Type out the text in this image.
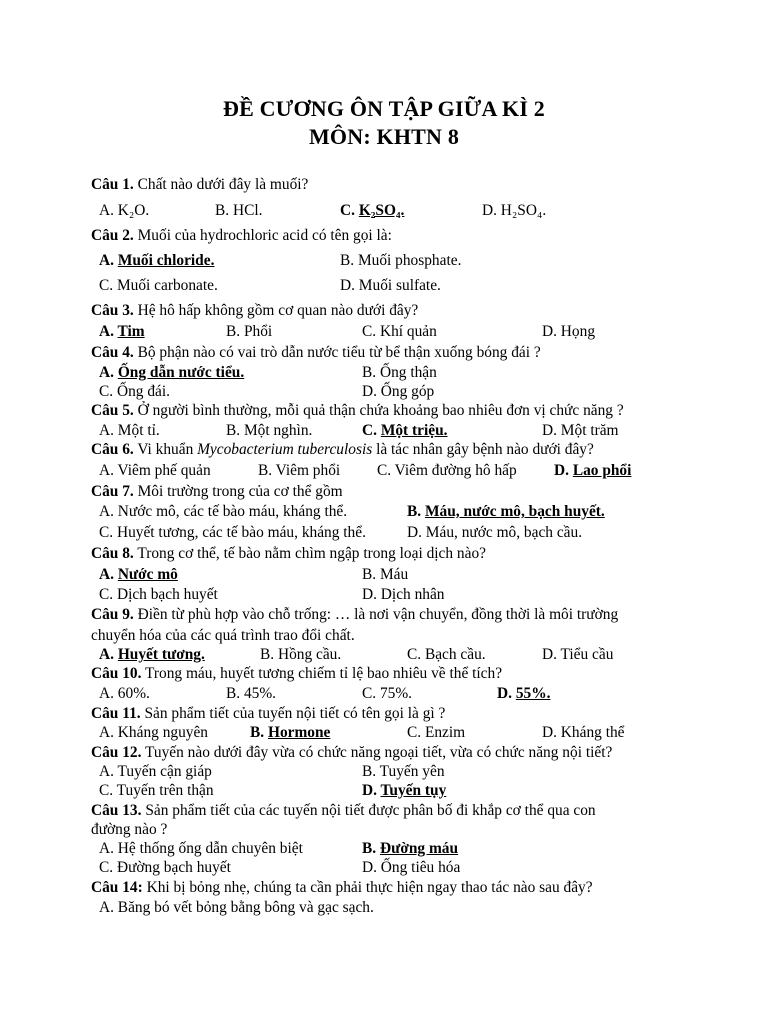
ĐỀ CƯƠNG ÔN TẬP GIỮA KÌ 2
MÔN: KHTN 8
Câu 1. Chất nào dưới đây là muối?
A. K₂O.	B. HCl.	C. K₂SO₄.	D. H₂SO₄.
Câu 2. Muối của hydrochloric acid có tên gọi là:
A. Muối chloride.	B. Muối phosphate.
C. Muối carbonate.	D. Muối sulfate.
Câu 3. Hệ hô hấp không gồm cơ quan nào dưới đây?
A. Tim	B. Phổi	C. Khí quản	D. Họng
Câu 4. Bộ phận nào có vai trò dẫn nước tiểu từ bể thận xuống bóng đái ?
A. Ống dẫn nước tiểu.	B. Ống thận
C. Ống đái.	D. Ống góp
Câu 5. Ở người bình thường, mỗi quả thận chứa khoảng bao nhiêu đơn vị chức năng ?
A. Một tỉ.	B. Một nghìn.	C. Một triệu.	D. Một trăm
Câu 6. Vi khuẩn Mycobacterium tuberculosis là tác nhân gây bệnh nào dưới đây?
A. Viêm phế quản	B. Viêm phổi C. Viêm đường hô hấp D. Lao phổi
Câu 7. Môi trường trong của cơ thể gồm
A. Nước mô, các tế bào máu, kháng thể.	B. Máu, nước mô, bạch huyết.
C. Huyết tương, các tế bào máu, kháng thể.	D. Máu, nước mô, bạch cầu.
Câu 8. Trong cơ thể, tế bào nằm chìm ngập trong loại dịch nào?
A. Nước mô	B. Máu
C. Dịch bạch huyết	D. Dịch nhân
Câu 9. Điền từ phù hợp vào chỗ trống: … là nơi vận chuyển, đồng thời là môi trường
chuyển hóa của các quá trình trao đổi chất.
A. Huyết tương.	B. Hồng cầu.	C. Bạch cầu.	D. Tiểu cầu
Câu 10. Trong máu, huyết tương chiếm tỉ lệ bao nhiêu về thể tích?
A. 60%.	B. 45%.	C. 75%.	D. 55%.
Câu 11. Sản phẩm tiết của tuyến nội tiết có tên gọi là gì ?
A. Kháng nguyên	B. Hormone	C. Enzim	D. Kháng thể
Câu 12. Tuyến nào dưới đây vừa có chức năng ngoại tiết, vừa có chức năng nội tiết?
A. Tuyến cận giáp	B. Tuyến yên
C. Tuyến trên thận	D. Tuyến tụy
Câu 13. Sản phẩm tiết của các tuyến nội tiết được phân bố đi khắp cơ thể qua con
đường nào ?
A. Hệ thống ống dẫn chuyên biệt	B. Đường máu
C. Đường bạch huyết	D. Ống tiêu hóa
Câu 14: Khi bị bỏng nhẹ, chúng ta cần phải thực hiện ngay thao tác nào sau đây?
A. Băng bó vết bỏng bằng bông và gạc sạch.
